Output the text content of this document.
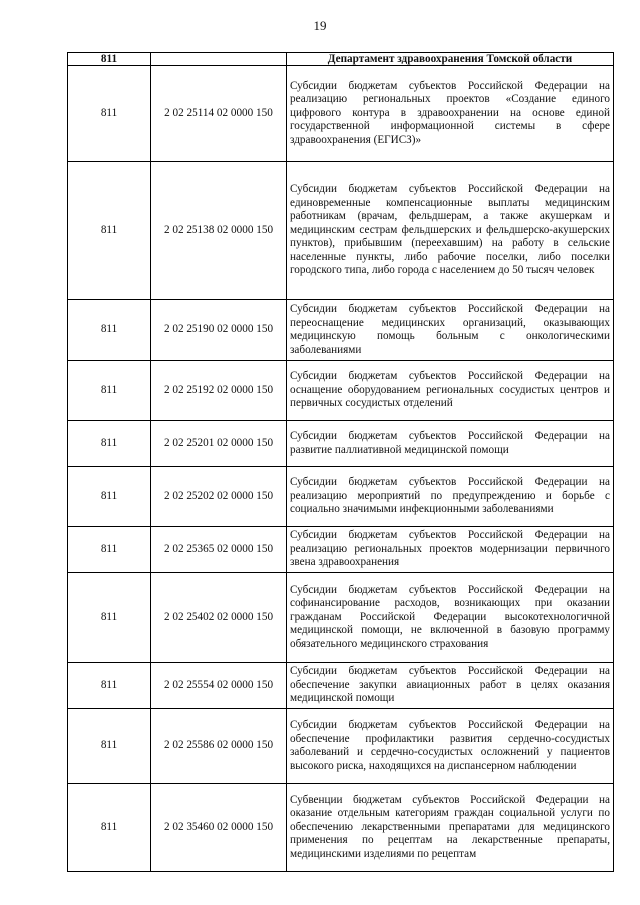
19
811		Департамент здравоохранения Томской области
811	2 02 25114 02 0000 150	Субсидии бюджетам субъектов Российской Федерации на реализацию региональных проектов «Создание единого цифрового контура в здравоохранении на основе единой государственной информационной системы в сфере здравоохранения (ЕГИСЗ)»
811	2 02 25138 02 0000 150	Субсидии бюджетам субъектов Российской Федерации на единовременные компенсационные выплаты медицинским работникам (врачам, фельдшерам, а также акушеркам и медицинским сестрам фельдшерских и фельдшерско-акушерских пунктов), прибывшим (переехавшим) на работу в сельские населенные пункты, либо рабочие поселки, либо поселки городского типа, либо города с населением до 50 тысяч человек
811	2 02 25190 02 0000 150	Субсидии бюджетам субъектов Российской Федерации на переоснащение медицинских организаций, оказывающих медицинскую помощь больным с онкологическими заболеваниями
811	2 02 25192 02 0000 150	Субсидии бюджетам субъектов Российской Федерации на оснащение оборудованием региональных сосудистых центров и первичных сосудистых отделений
811	2 02 25201 02 0000 150	Субсидии бюджетам субъектов Российской Федерации на развитие паллиативной медицинской помощи
811	2 02 25202 02 0000 150	Субсидии бюджетам субъектов Российской Федерации на реализацию мероприятий по предупреждению и борьбе с социально значимыми инфекционными заболеваниями
811	2 02 25365 02 0000 150	Субсидии бюджетам субъектов Российской Федерации на реализацию региональных проектов модернизации первичного звена здравоохранения
811	2 02 25402 02 0000 150	Субсидии бюджетам субъектов Российской Федерации на софинансирование расходов, возникающих при оказании гражданам Российской Федерации высокотехнологичной медицинской помощи, не включенной в базовую программу обязательного медицинского страхования
811	2 02 25554 02 0000 150	Субсидии бюджетам субъектов Российской Федерации на обеспечение закупки авиационных работ в целях оказания медицинской помощи
811	2 02 25586 02 0000 150	Субсидии бюджетам субъектов Российской Федерации на обеспечение профилактики развития сердечно-сосудистых заболеваний и сердечно-сосудистых осложнений у пациентов высокого риска, находящихся на диспансерном наблюдении
811	2 02 35460 02 0000 150	Субвенции бюджетам субъектов Российской Федерации на оказание отдельным категориям граждан социальной услуги по обеспечению лекарственными препаратами для медицинского применения по рецептам на лекарственные препараты, медицинскими изделиями по рецептам
